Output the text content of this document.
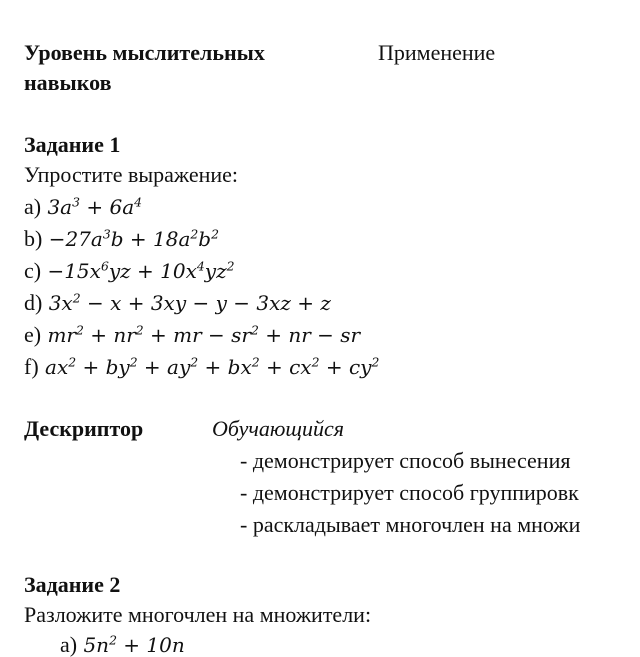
Уровень мыслительных
навыков
Применение
Задание 1
Упростите выражение:
a) $3a^3 + 6a^4$
$b) -27a^3b + 18a^2b^2$
$c) -15x^6yz + 10x^4yz^2$
d) $3x^2 - x + 3xy - y - 3xz + z$
e) $mr^2 + nr^2$ + mr − $sr^2$ + nr − sr
f) $ax^2 + by^2 + ay^2 + bx^2 + cx^2 + cy^2$
Дескриптор	Обучающийся
- демонстрирует способ вынесения
- демонстрирует способ группировк
- раскладывает многочлен на множи
Задание 2
Разложите многочлен на множители:
а) $5n^2 + 10n$
